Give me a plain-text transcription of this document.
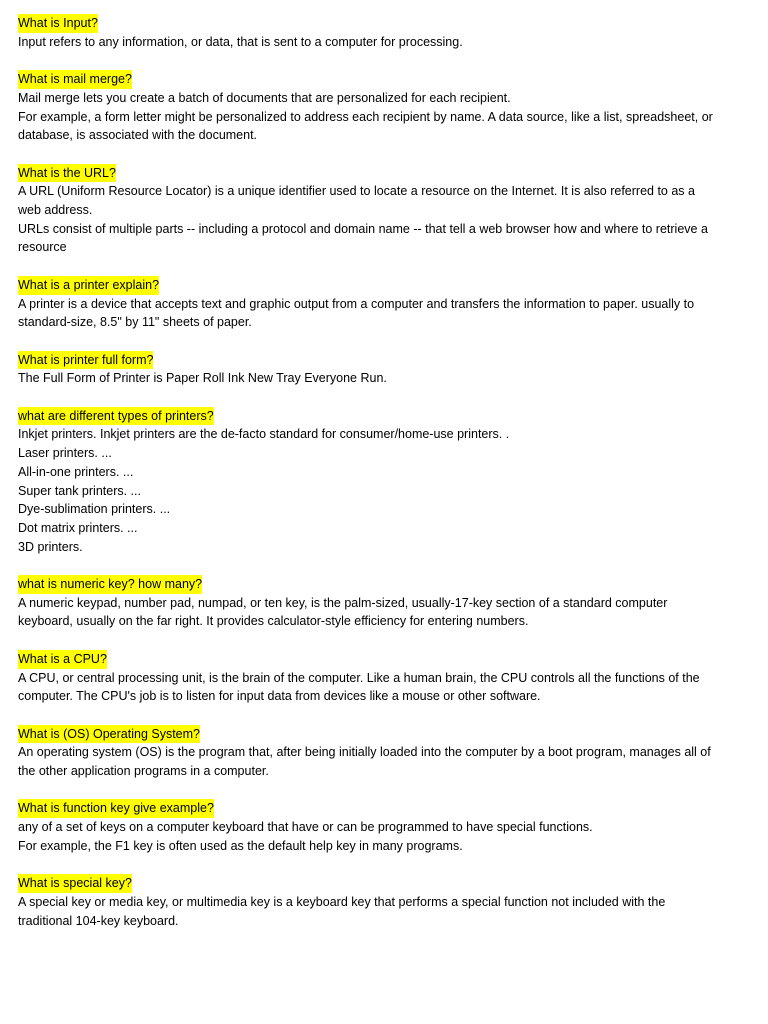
What is Input?
Input refers to any information, or data, that is sent to a computer for processing.
What is mail merge?
Mail merge lets you create a batch of documents that are personalized for each recipient.
For example, a form letter might be personalized to address each recipient by name. A data source, like a list, spreadsheet, or database, is associated with the document.
What is the URL?
A URL (Uniform Resource Locator) is a unique identifier used to locate a resource on the Internet. It is also referred to as a web address.
URLs consist of multiple parts -- including a protocol and domain name -- that tell a web browser how and where to retrieve a resource
What is a printer explain?
A printer is a device that accepts text and graphic output from a computer and transfers the information to paper. usually to standard-size, 8.5" by 11" sheets of paper.
What is printer full form?
The Full Form of Printer is Paper Roll Ink New Tray Everyone Run.
what are different types of printers?
Inkjet printers. Inkjet printers are the de-facto standard for consumer/home-use printers. .
Laser printers. ...
All-in-one printers. ...
Super tank printers. ...
Dye-sublimation printers. ...
Dot matrix printers. ...
3D printers.
what is numeric key? how many?
A numeric keypad, number pad, numpad, or ten key, is the palm-sized, usually-17-key section of a standard computer keyboard, usually on the far right. It provides calculator-style efficiency for entering numbers.
What is a CPU?
A CPU, or central processing unit, is the brain of the computer. Like a human brain, the CPU controls all the functions of the computer. The CPU's job is to listen for input data from devices like a mouse or other software.
What is (OS) Operating System?
An operating system (OS) is the program that, after being initially loaded into the computer by a boot program, manages all of the other application programs in a computer.
What is function key give example?
any of a set of keys on a computer keyboard that have or can be programmed to have special functions.
For example, the F1 key is often used as the default help key in many programs.
What is special key?
A special key or media key, or multimedia key is a keyboard key that performs a special function not included with the traditional 104-key keyboard.
